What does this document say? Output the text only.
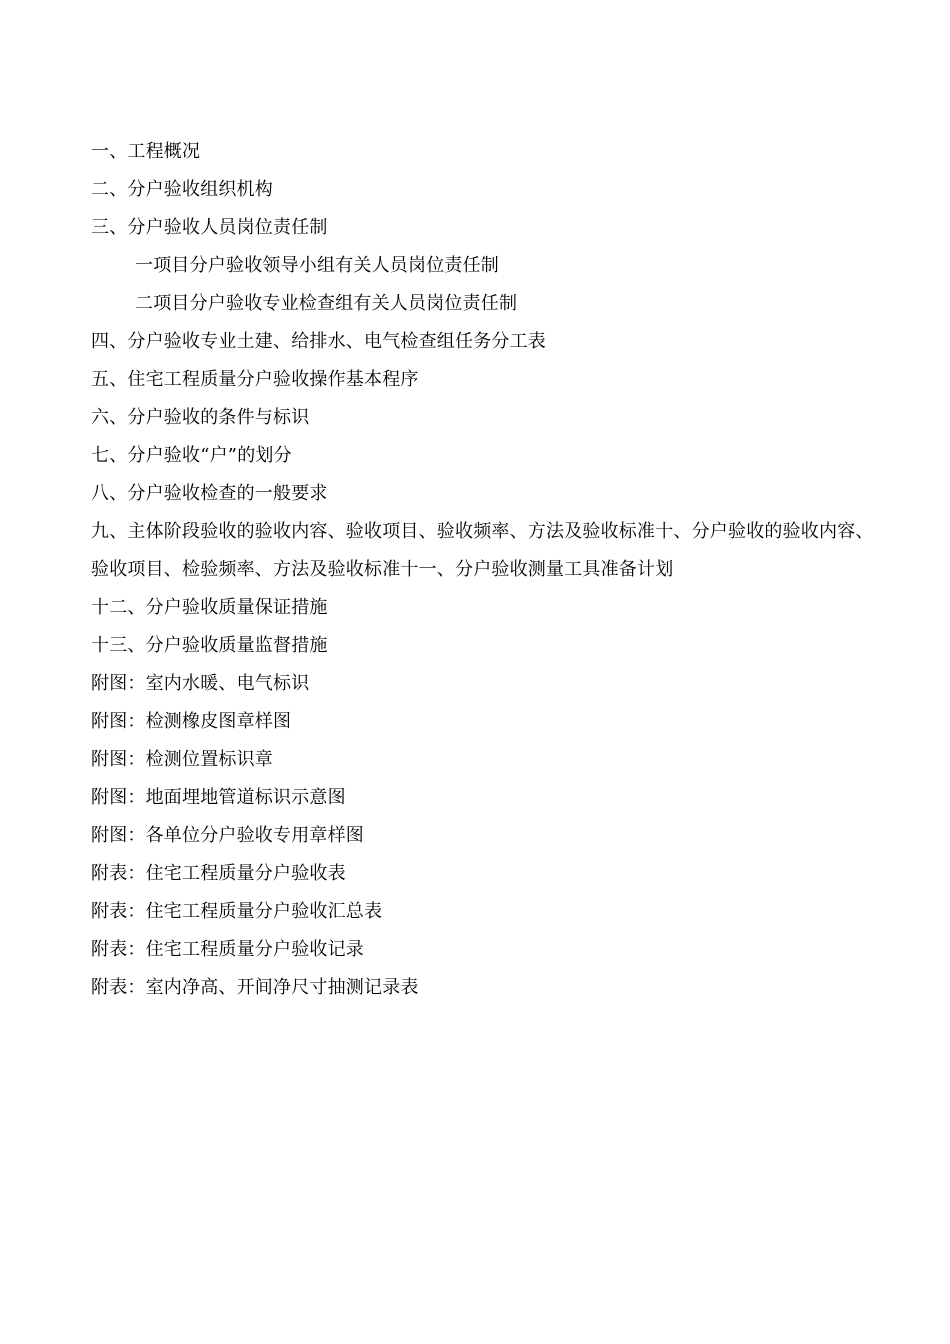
一、工程概况
二、分户验收组织机构
三、分户验收人员岗位责任制
一项目分户验收领导小组有关人员岗位责任制
二项目分户验收专业检查组有关人员岗位责任制
四、分户验收专业土建、给排水、电气检查组任务分工表
五、住宅工程质量分户验收操作基本程序
六、分户验收的条件与标识
七、分户验收“户”的划分
八、分户验收检查的一般要求
九、主体阶段验收的验收内容、验收项目、验收频率、方法及验收标准十、分户验收的验收内容、验收项目、检验频率、方法及验收标准十一、分户验收测量工具准备计划
十二、分户验收质量保证措施
十三、分户验收质量监督措施
附图：室内水暖、电气标识
附图：检测橡皮图章样图
附图：检测位置标识章
附图：地面埋地管道标识示意图
附图：各单位分户验收专用章样图
附表：住宅工程质量分户验收表
附表：住宅工程质量分户验收汇总表
附表：住宅工程质量分户验收记录
附表：室内净高、开间净尺寸抽测记录表
